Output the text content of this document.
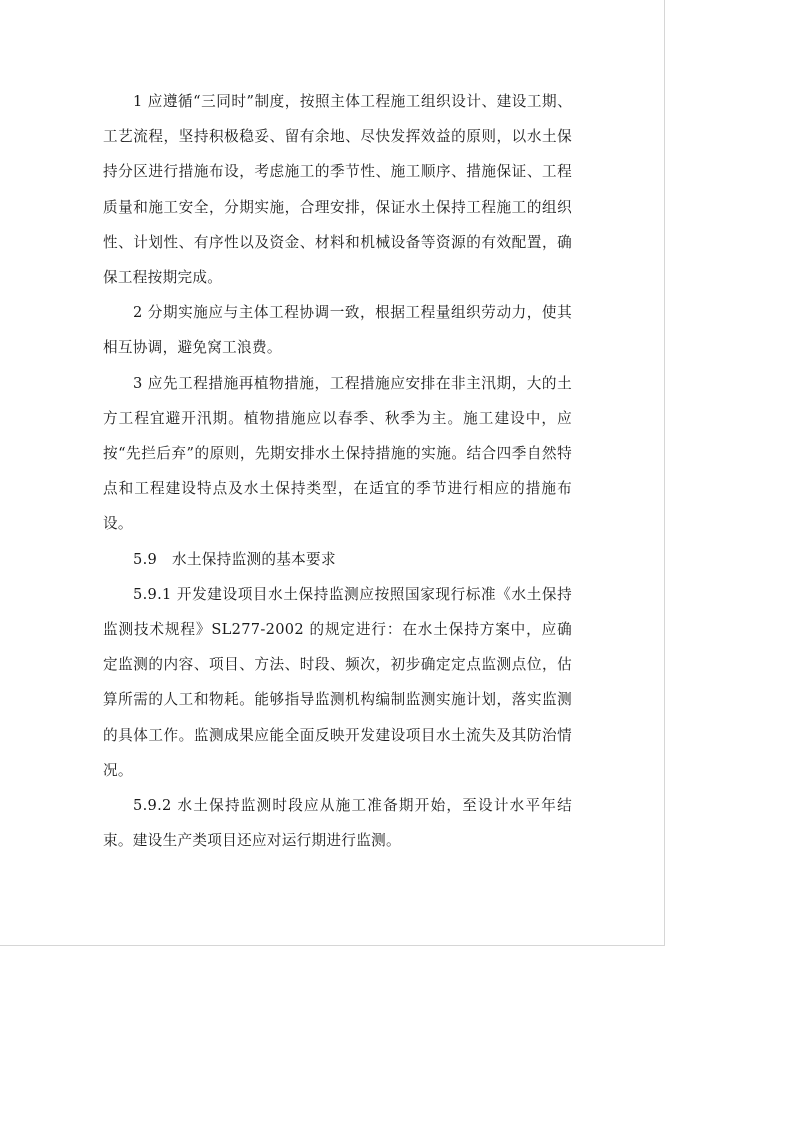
1 应遵循“三同时”制度，按照主体工程施工组织设计、建设工期、工艺流程，坚持积极稳妥、留有余地、尽快发挥效益的原则，以水土保持分区进行措施布设，考虑施工的季节性、施工顺序、措施保证、工程质量和施工安全，分期实施，合理安排，保证水土保持工程施工的组织性、计划性、有序性以及资金、材料和机械设备等资源的有效配置，确保工程按期完成。

2 分期实施应与主体工程协调一致，根据工程量组织劳动力，使其相互协调，避免窝工浪费。

3 应先工程措施再植物措施，工程措施应安排在非主汛期，大的土方工程宜避开汛期。植物措施应以春季、秋季为主。施工建设中，应按“先拦后弃”的原则，先期安排水土保持措施的实施。结合四季自然特点和工程建设特点及水土保持类型，在适宜的季节进行相应的措施布设。

5.9　水土保持监测的基本要求

5.9.1 开发建设项目水土保持监测应按照国家现行标准《水土保持监测技术规程》SL277-2002 的规定进行：在水土保持方案中，应确定监测的内容、项目、方法、时段、频次，初步确定定点监测点位，估算所需的人工和物耗。能够指导监测机构编制监测实施计划，落实监测的具体工作。监测成果应能全面反映开发建设项目水土流失及其防治情况。

5.9.2 水土保持监测时段应从施工准备期开始，至设计水平年结束。建设生产类项目还应对运行期进行监测。
